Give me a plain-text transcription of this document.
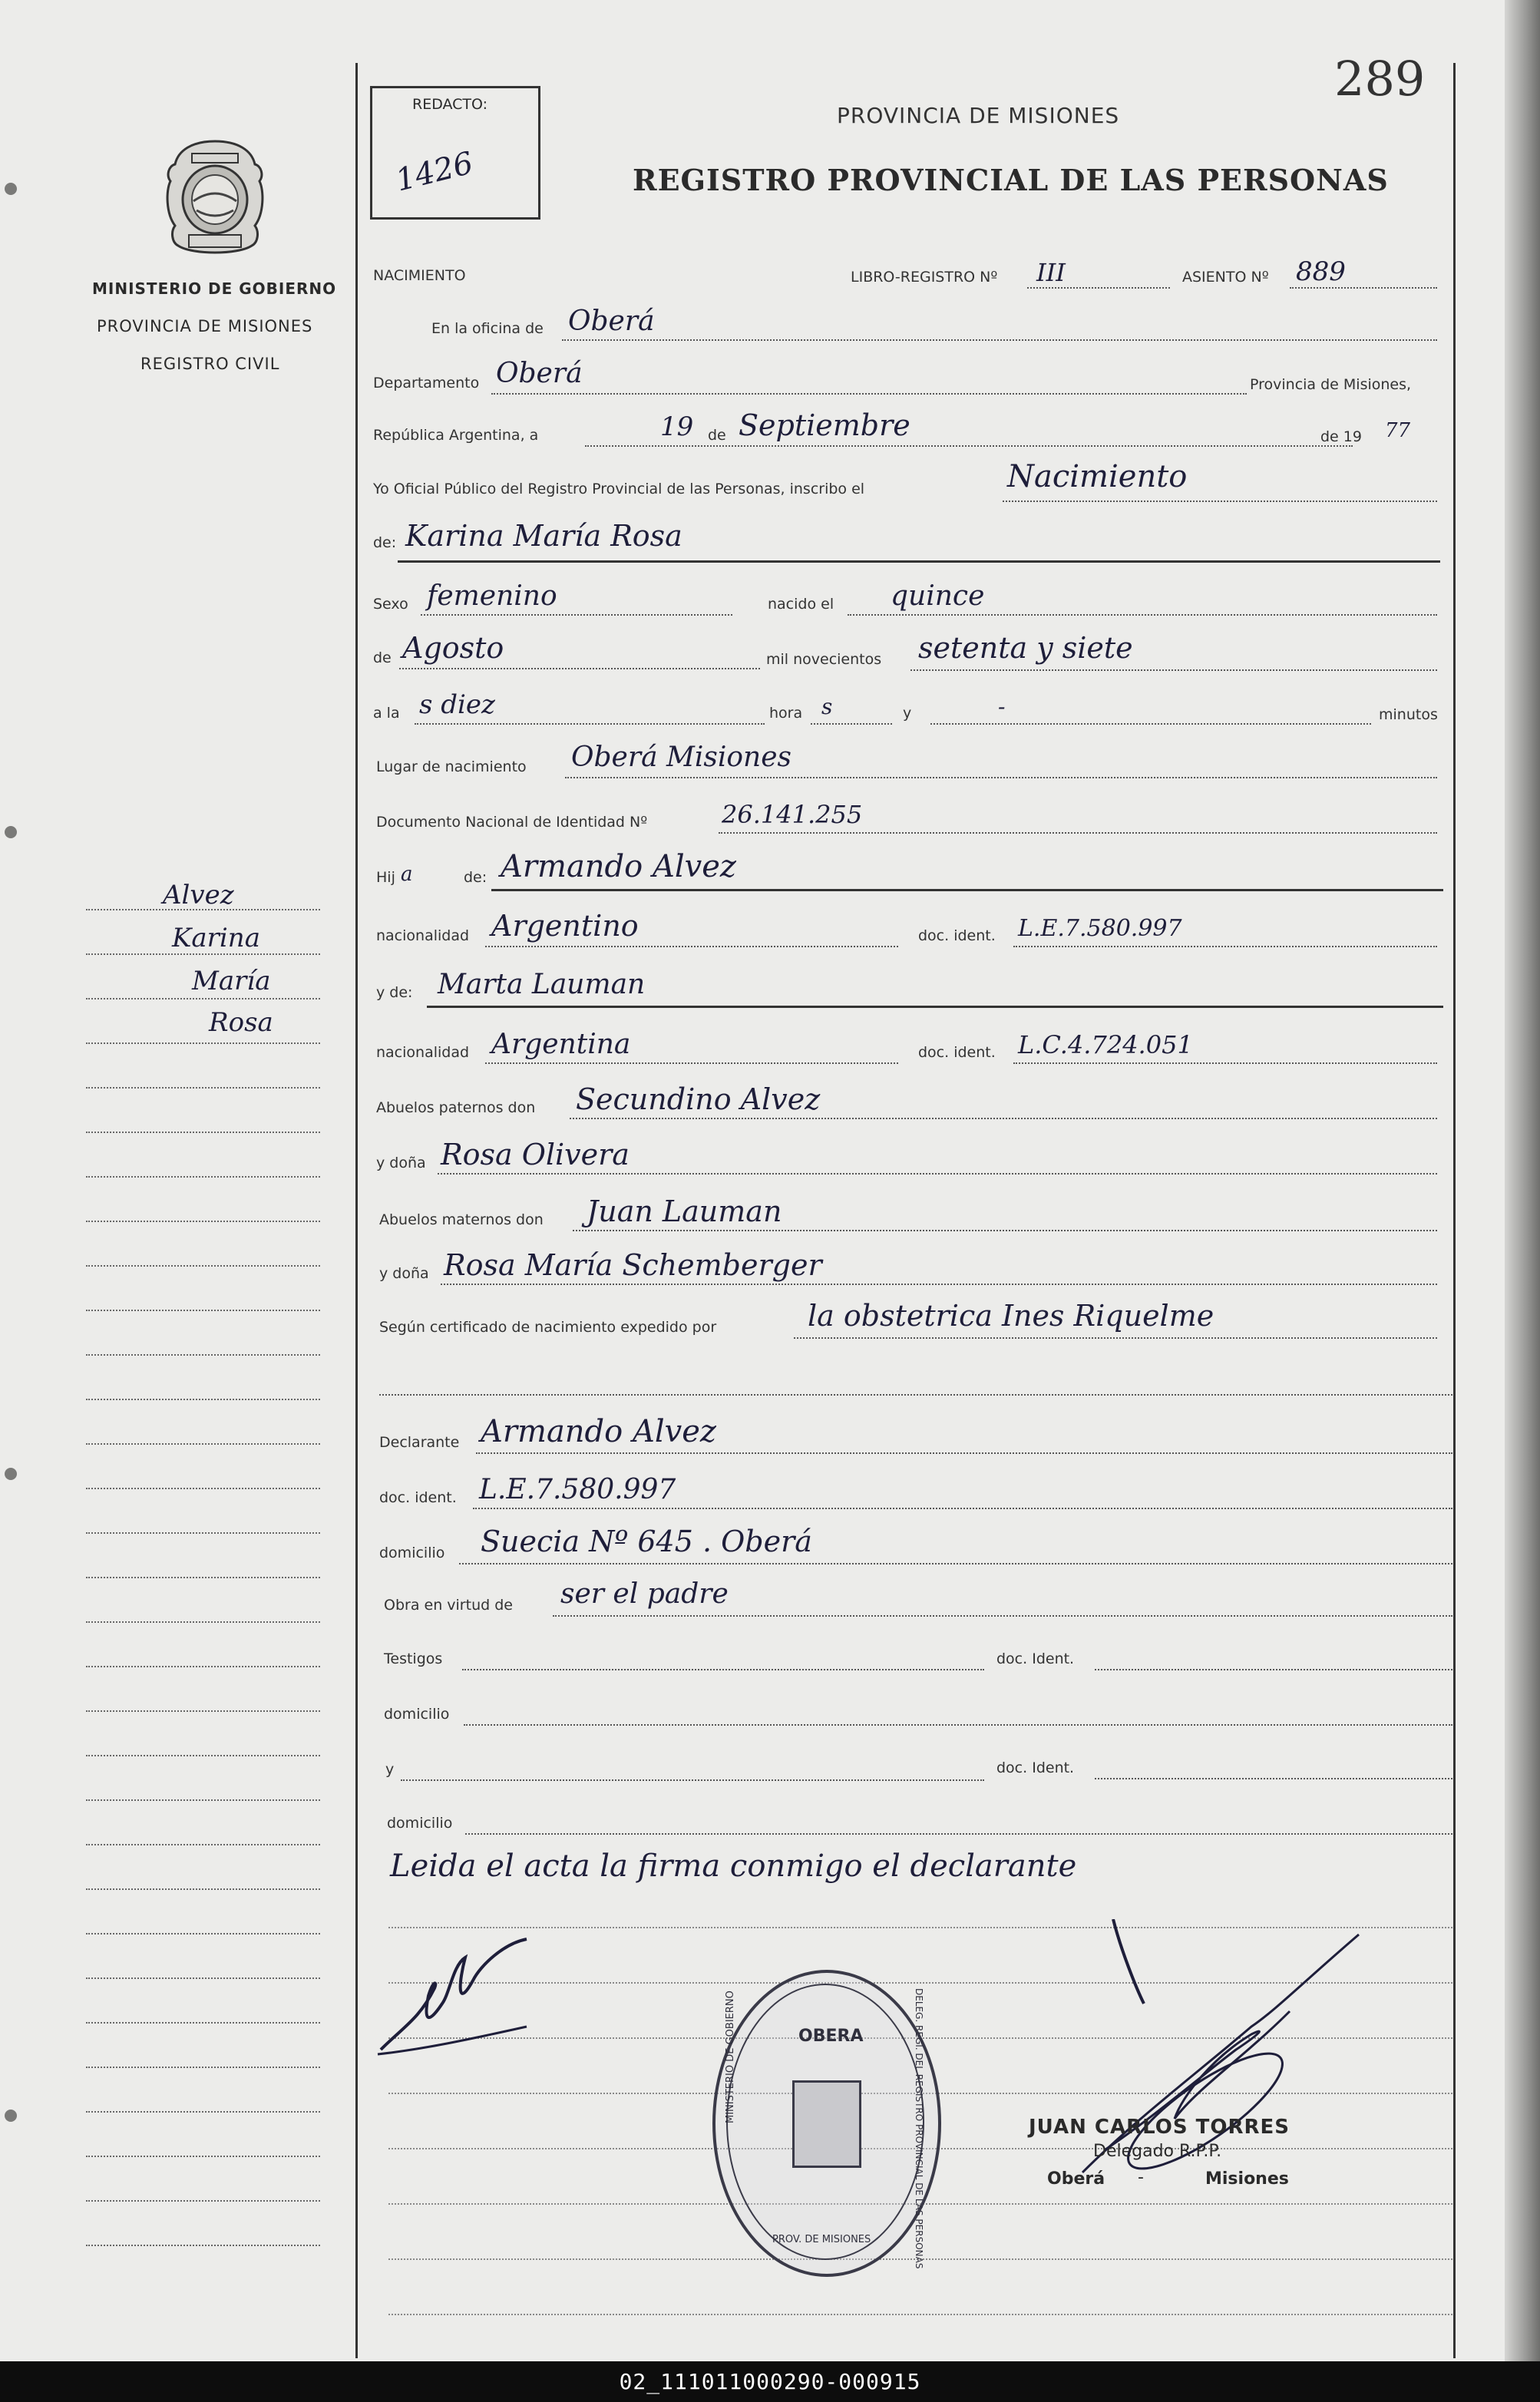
289
REDACTO:
1426
PROVINCIA DE MISIONES
REGISTRO PROVINCIAL DE LAS PERSONAS
MINISTERIO DE GOBIERNO
PROVINCIA DE MISIONES
REGISTRO CIVIL
Alvez
Karina
María
Rosa
NACIMIENTO	LIBRO-REGISTRO Nº III	ASIENTO Nº 889
En la oficina de Oberá
Departamento Oberá	Provincia de Misiones,
República Argentina, a	19 de Septiembre	de 19 77
Yo Oficial Público del Registro Provincial de las Personas, inscribo el	Nacimiento
de: Karina María Rosa
Sexo femenino	nacido el quince
de Agosto	mil novecientos setenta y siete
a la s diez	hora s	y	-	minutos
Lugar de nacimiento Oberá Misiones
Documento Nacional de Identidad Nº	26.141.255
Hij a	de: Armando Alvez
nacionalidad Argentino	doc. ident. L.E.7.580.997
y de: Marta Lauman
nacionalidad Argentina	doc. ident. L.C.4.724.051
Abuelos paternos don Secundino Alvez
y doña Rosa Olivera
Abuelos maternos don Juan Lauman
y doña Rosa María Schemberger
Según certificado de nacimiento expedido por	la obstetrica Ines Riquelme
Declarante Armando Alvez
doc. ident. L.E.7.580.997
domicilio Suecia Nº 645 . Oberá
Obra en virtud de ser el padre
Testigos	doc. Ident.
domicilio
y	doc. Ident.
domicilio
Leida el acta la firma conmigo el declarante
OBERA
MINISTERIO DE GOBIERNO
PROV. DE MISIONES	DELEG. REGI. DEL REGISTRO PROVINCIAL DE LAS PERSONAS	JUAN CARLOS TORRES
Delegado R.P.P.
Oberá -	Misiones
02_111011000290-000915
